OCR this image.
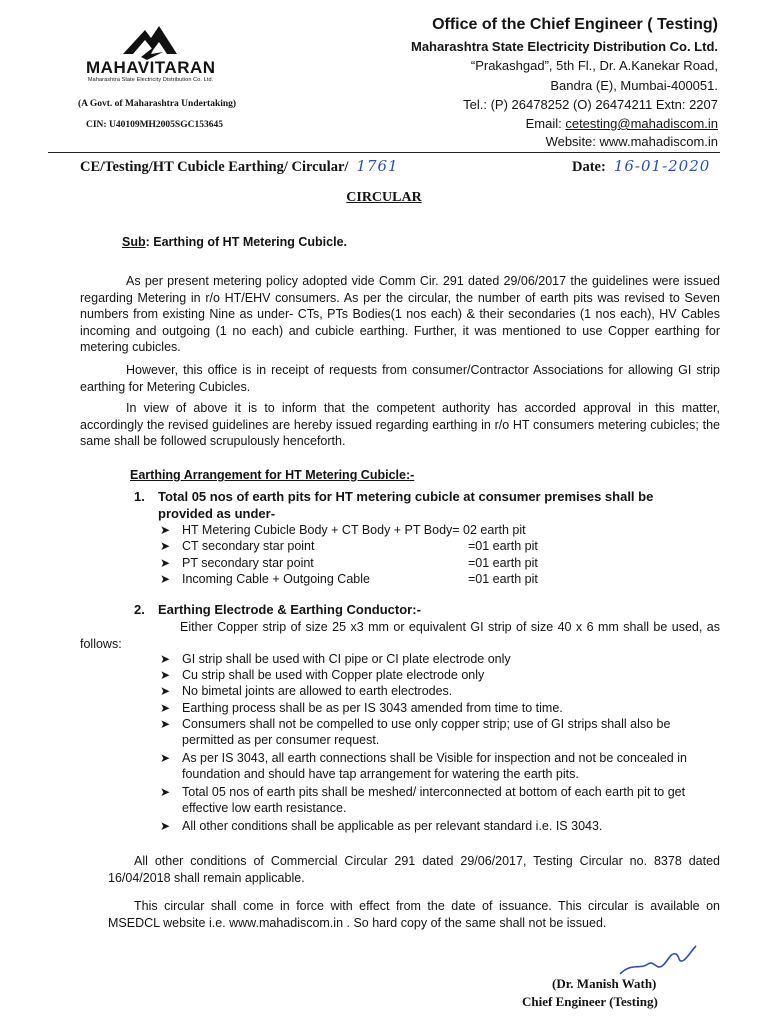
MAHAVITARAN
Maharashtra State Electricity Distribution Co. Ltd.
(A Govt. of Maharashtra Undertaking)
CIN: U40109MH2005SGC153645
Office of the Chief Engineer ( Testing)
Maharashtra State Electricity Distribution Co. Ltd.
“Prakashgad”, 5th Fl., Dr. A.Kanekar Road,
Bandra (E), Mumbai-400051.
Tel.: (P) 26478252 (O) 26474211 Extn: 2207
Email: cetesting@mahadiscom.in
Website: www.mahadiscom.in
CE/Testing/HT Cubicle Earthing/ Circular/ 1761	Date: 16-01-2020
CIRCULAR
Sub: Earthing of HT Metering Cubicle.

As per present metering policy adopted vide Comm Cir. 291 dated 29/06/2017 the guidelines were issued regarding Metering in r/o HT/EHV consumers. As per the circular, the number of earth pits was revised to Seven numbers from existing Nine as under- CTs, PTs Bodies(1 nos each) & their secondaries (1 nos each), HV Cables incoming and outgoing (1 no each) and cubicle earthing. Further, it was mentioned to use Copper earthing for metering cubicles.

However, this office is in receipt of requests from consumer/Contractor Associations for allowing GI strip earthing for Metering Cubicles.

In view of above it is to inform that the competent authority has accorded approval in this matter, accordingly the revised guidelines are hereby issued regarding earthing in r/o HT consumers metering cubicles; the same shall be followed scrupulously henceforth.

Earthing Arrangement for HT Metering Cubicle:-
1. Total 05 nos of earth pits for HT metering cubicle at consumer premises shall be
provided as under-
➤ HT Metering Cubicle Body + CT Body + PT Body= 02 earth pit
➤ CT secondary star point	=01 earth pit
➤ PT secondary star point	=01 earth pit
➤ Incoming Cable + Outgoing Cable	=01 earth pit
2. Earthing Electrode & Earthing Conductor:-

Either Copper strip of size 25 x3 mm or equivalent GI strip of size 40 x 6 mm shall be used, as follows:

➤ GI strip shall be used with CI pipe or CI plate electrode only
➤ Cu strip shall be used with Copper plate electrode only
➤ No bimetal joints are allowed to earth electrodes.
➤ Earthing process shall be as per IS 3043 amended from time to time.
➤ Consumers shall not be compelled to use only copper strip; use of GI strips shall also be permitted as per consumer request.
➤ As per IS 3043, all earth connections shall be Visible for inspection and not be concealed in foundation and should have tap arrangement for watering the earth pits.
➤ Total 05 nos of earth pits shall be meshed/ interconnected at bottom of each earth pit to get effective low earth resistance.
➤ All other conditions shall be applicable as per relevant standard i.e. IS 3043.

All other conditions of Commercial Circular 291 dated 29/06/2017, Testing Circular no. 8378 dated 16/04/2018 shall remain applicable.

This circular shall come in force with effect from the date of issuance. This circular is available on MSEDCL website i.e. www.mahadiscom.in . So hard copy of the same shall not be issued.

(Dr. Manish Wath)
Chief Engineer (Testing)
